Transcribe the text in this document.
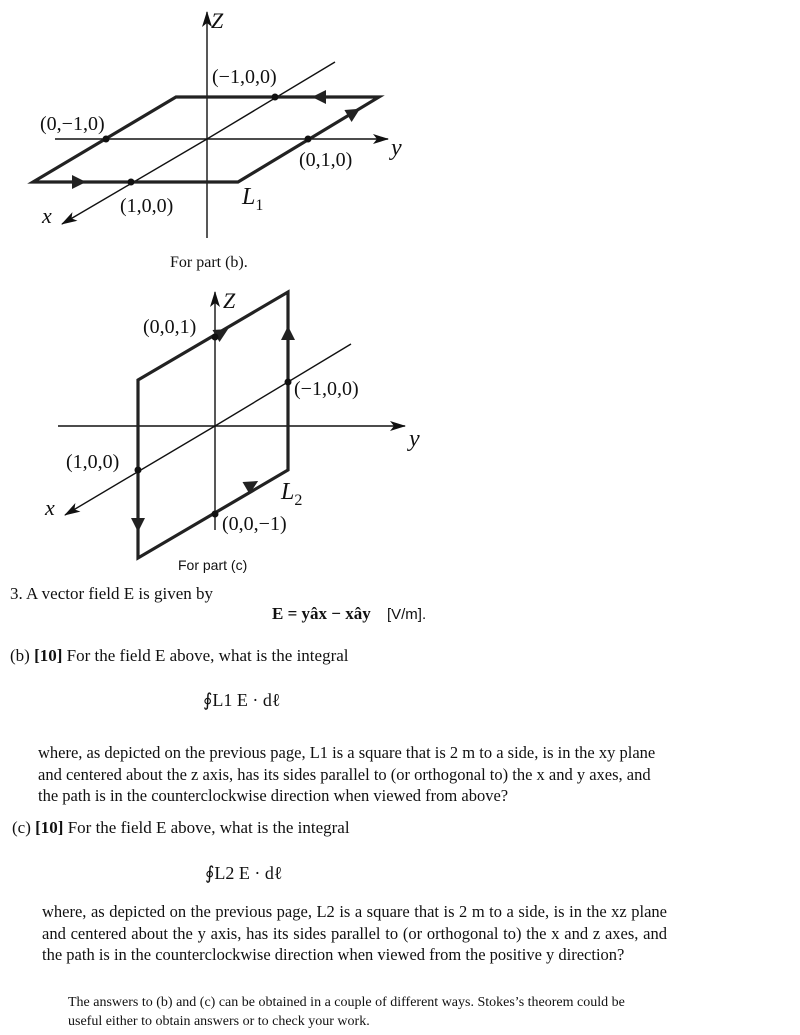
Z
y
x
(−1,0,0)
(0,−1,0)
(0,1,0)
(1,0,0)	$L_1$
For part (b).
Z
y
x
(0,0,1)
(−1,0,0)
(1,0,0)
(0,0,−1)
$L_2$
For part (c)
3. A vector field E is given by
E = yâx − xây [V/m].
(b) [10] For the field E above, what is the integral
∮L1 E · dℓ
where, as depicted on the previous page, L1 is a square that is 2 m to a side, is in the xy plane and centered about the z axis, has its sides parallel to (or orthogonal to) the x and y axes, and the path is in the counterclockwise direction when viewed from above?
(c) [10] For the field E above, what is the integral
∮L2 E · dℓ
where, as depicted on the previous page, L2 is a square that is 2 m to a side, is in the xz plane and centered about the y axis, has its sides parallel to (or orthogonal to) the x and z axes, and the path is in the counterclockwise direction when viewed from the positive y direction?
The answers to (b) and (c) can be obtained in a couple of different ways. Stokes’s theorem could be useful either to obtain answers or to check your work.
